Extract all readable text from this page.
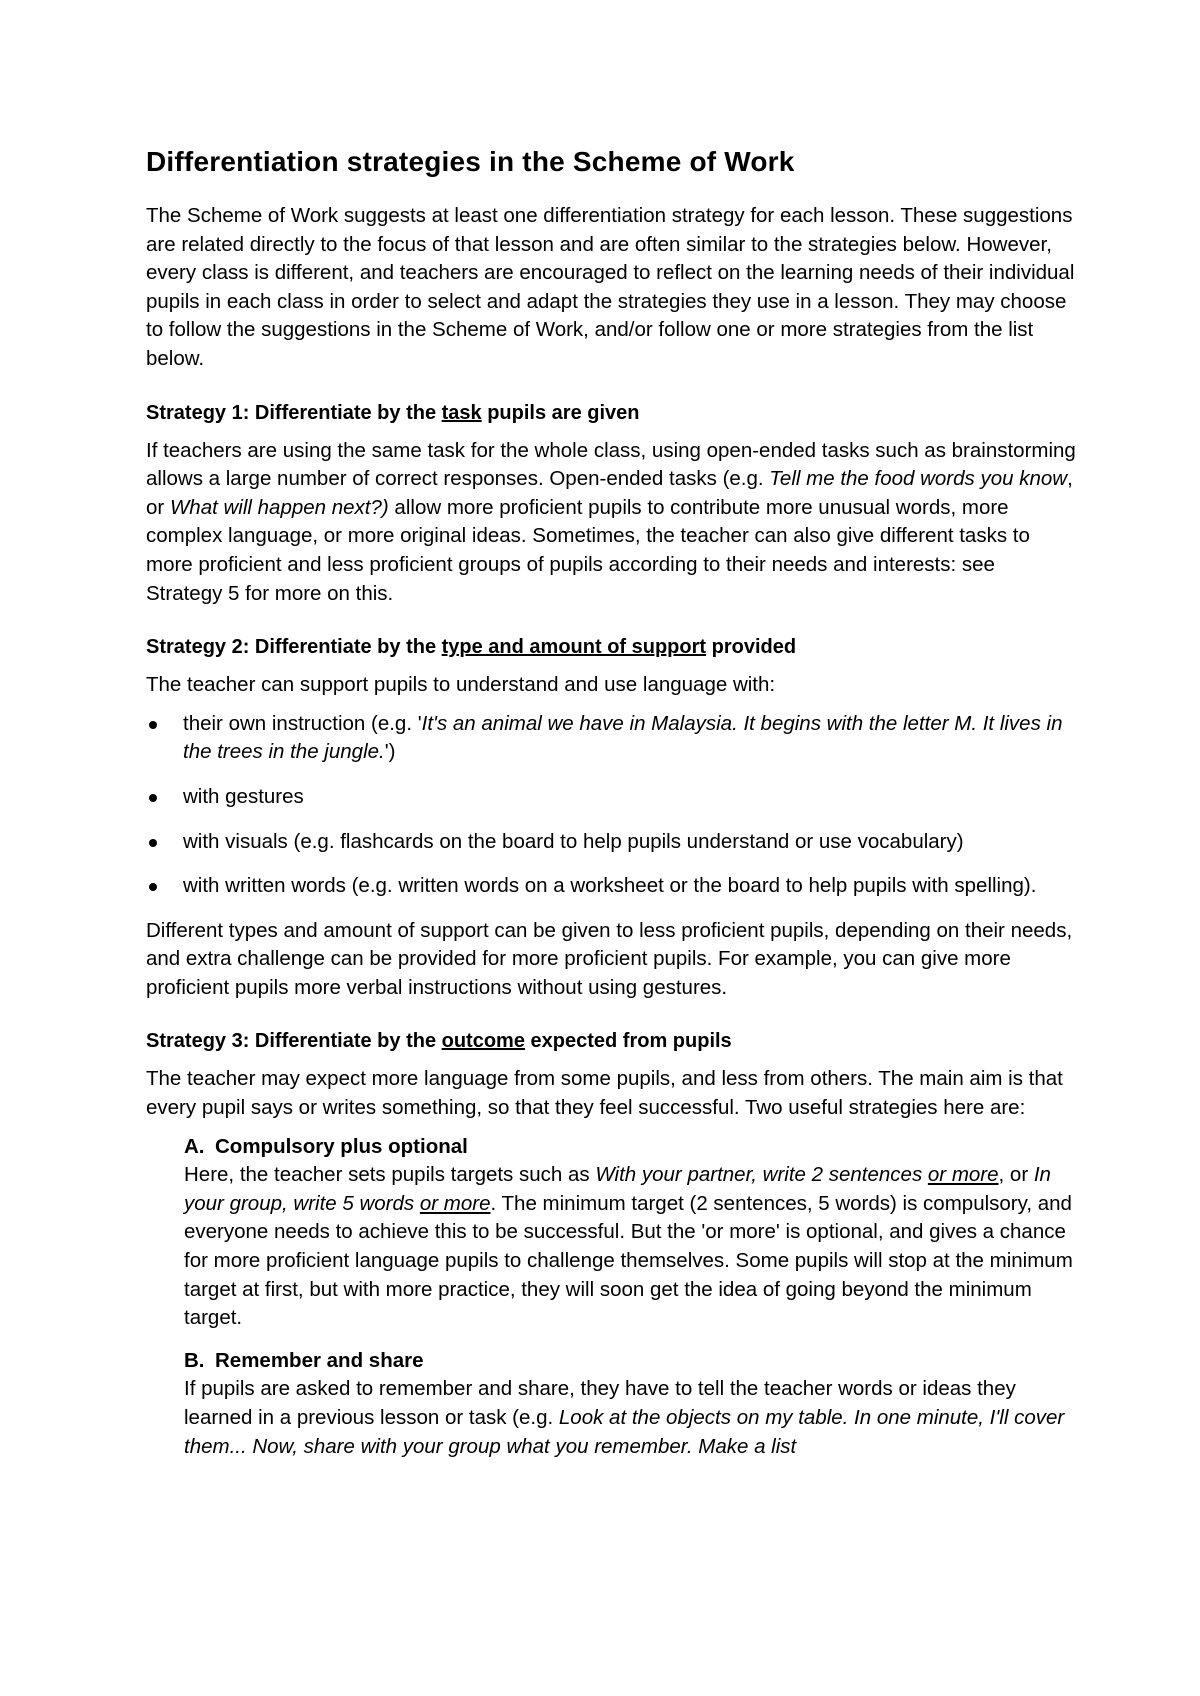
Differentiation strategies in the Scheme of Work

The Scheme of Work suggests at least one differentiation strategy for each lesson. These suggestions are related directly to the focus of that lesson and are often similar to the strategies below. However, every class is different, and teachers are encouraged to reflect on the learning needs of their individual pupils in each class in order to select and adapt the strategies they use in a lesson. They may choose to follow the suggestions in the Scheme of Work, and/or follow one or more strategies from the list below.

Strategy 1: Differentiate by the task pupils are given

If teachers are using the same task for the whole class, using open-ended tasks such as brainstorming allows a large number of correct responses. Open-ended tasks (e.g. Tell me the food words you know, or What will happen next?) allow more proficient pupils to contribute more unusual words, more complex language, or more original ideas. Sometimes, the teacher can also give different tasks to more proficient and less proficient groups of pupils according to their needs and interests: see Strategy 5 for more on this.

Strategy 2: Differentiate by the type and amount of support provided

The teacher can support pupils to understand and use language with:

their own instruction (e.g. 'It's an animal we have in Malaysia. It begins with the letter M. It lives in the trees in the jungle.')
with gestures
with visuals (e.g. flashcards on the board to help pupils understand or use vocabulary)
with written words (e.g. written words on a worksheet or the board to help pupils with spelling).

Different types and amount of support can be given to less proficient pupils, depending on their needs, and extra challenge can be provided for more proficient pupils. For example, you can give more proficient pupils more verbal instructions without using gestures.

Strategy 3: Differentiate by the outcome expected from pupils

The teacher may expect more language from some pupils, and less from others. The main aim is that every pupil says or writes something, so that they feel successful. Two useful strategies here are:

A. Compulsory plus optional

Here, the teacher sets pupils targets such as With your partner, write 2 sentences or more, or In your group, write 5 words or more. The minimum target (2 sentences, 5 words) is compulsory, and everyone needs to achieve this to be successful. But the 'or more' is optional, and gives a chance for more proficient language pupils to challenge themselves. Some pupils will stop at the minimum target at first, but with more practice, they will soon get the idea of going beyond the minimum target.

B. Remember and share

If pupils are asked to remember and share, they have to tell the teacher words or ideas they learned in a previous lesson or task (e.g. Look at the objects on my table. In one minute, I'll cover them... Now, share with your group what you remember. Make a list
